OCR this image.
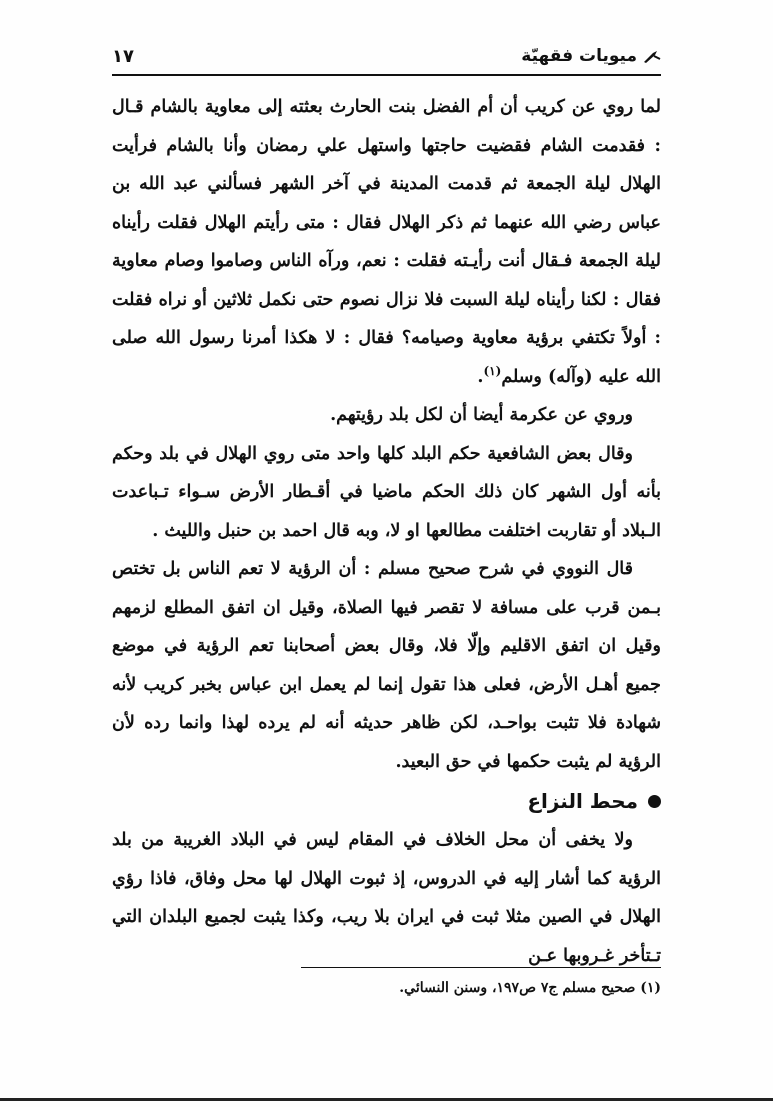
ميويات فقهيّة
١٧

لما روي عن كريب أن أم الفضل بنت الحارث بعثته إلى معاوية بالشام قـال : فقدمت الشام فقضيت حاجتها واستهل علي رمضان وأنا بالشام فرأيت الهلال ليلة الجمعة ثم قدمت المدينة في آخر الشهر فسألني عبد الله بن عباس رضي الله عنهما ثم ذكر الهلال فقال : متى رأيتم الهلال فقلت رأيناه ليلة الجمعة فـقال أنت رأيـته فقلت : نعم، ورآه الناس وصاموا وصام معاوية فقال : لكنا رأيناه ليلة السبت فلا نزال نصوم حتى نكمل ثلاثين أو نراه فقلت : أولاً تكتفي برؤية معاوية وصيامه؟ فقال : لا هكذا أمرنا رسول الله صلى الله عليه (وآله) وسلم$^{(١)}$.

وروي عن عكرمة أيضا أن لكل بلد رؤيتهم.

وقال بعض الشافعية حكم البلد كلها واحد متى روي الهلال في بلد وحكم بأنه أول الشهر كان ذلك الحكم ماضيا في أقـطار الأرض سـواء تـباعدت الـبلاد أو تقاربت اختلفت مطالعها او لا، وبه قال احمد بن حنبل والليث .

قال النووي في شرح صحيح مسلم : أن الرؤية لا تعم الناس بل تختص بـمن قرب على مسافة لا تقصر فيها الصلاة، وقيل ان اتفق المطلع لزمهم وقيل ان اتفق الاقليم وإلّا فلا، وقال بعض أصحابنا تعم الرؤية في موضع جميع أهـل الأرض، فعلى هذا تقول إنما لم يعمل ابن عباس بخبر كريب لأنه شهادة فلا تثبت بواحـد، لكن ظاهر حديثه أنه لم يرده لهذا وانما رده لأن الرؤية لم يثبت حكمها في حق البعيد.

محط النزاع

ولا يخفى أن محل الخلاف في المقام ليس في البلاد الغريبة من بلد الرؤية كما أشار إليه في الدروس، إذ ثبوت الهلال لها محل وفاق، فاذا رؤي الهلال في الصين مثلا ثبت في ايران بلا ريب، وكذا يثبت لجميع البلدان التي تـتأخر غـروبها عـن

(١) صحيح مسلم ج٧ ص١٩٧، وسنن النسائي.
